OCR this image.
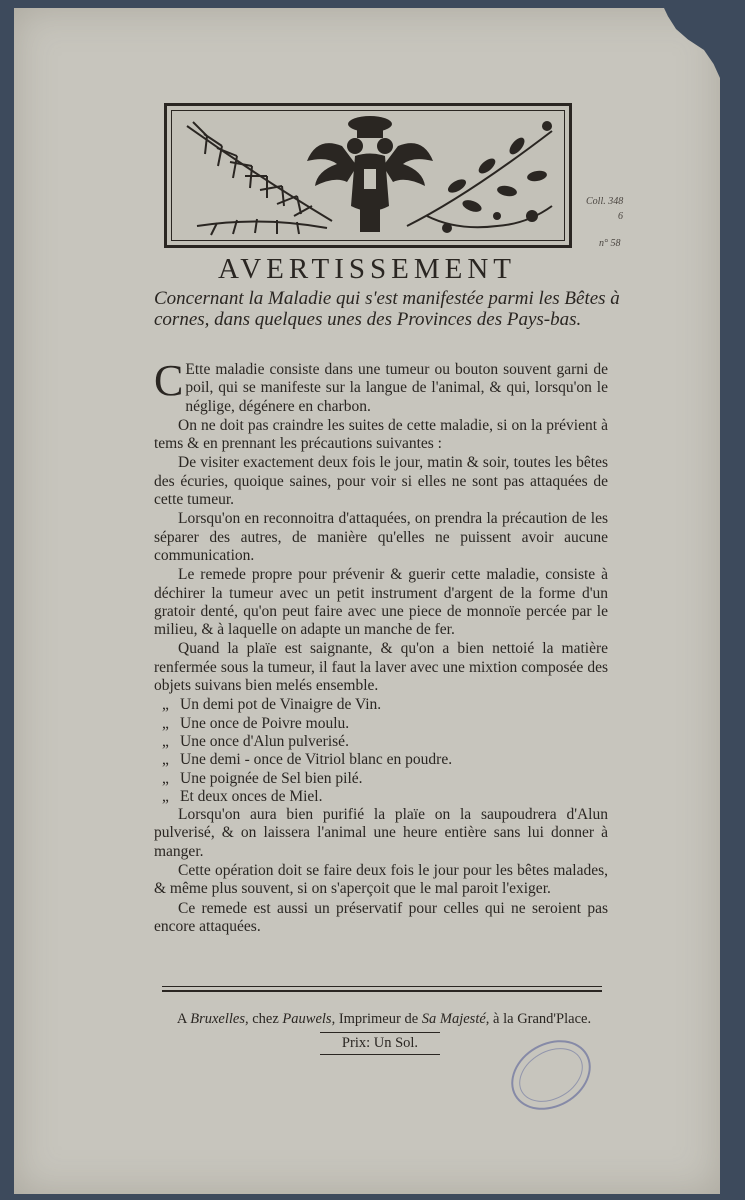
Coll. 348
6
n° 58
AVERTISSEMENT
Concernant la Maladie qui s'est manifestée parmi les Bêtes à cornes, dans quelques unes des Provinces des Pays-bas.

C Ette maladie consiste dans une tumeur ou bouton souvent garni de poil, qui se manifeste sur la langue de l'animal, & qui, lorsqu'on le néglige, dégénere en charbon.

On ne doit pas craindre les suites de cette maladie, si on la prévient à tems & en prennant les précautions suivantes :

De visiter exactement deux fois le jour, matin & soir, toutes les bêtes des écuries, quoique saines, pour voir si elles ne sont pas attaquées de cette tumeur.

Lorsqu'on en reconnoitra d'attaquées, on prendra la précaution de les séparer des autres, de manière qu'elles ne puissent avoir aucune communication.

Le remede propre pour prévenir & guerir cette maladie, consiste à déchirer la tumeur avec un petit instrument d'argent de la forme d'un gratoir denté, qu'on peut faire avec une piece de monnoïe percée par le milieu, & à laquelle on adapte un manche de fer.

Quand la plaïe est saignante, & qu'on a bien nettoié la matière renfermée sous la tumeur, il faut la laver avec une mixtion composée des objets suivans bien melés ensemble.

„ Un demi pot de Vinaigre de Vin.
„ Une once de Poivre moulu.
„ Une once d'Alun pulverisé.
„ Une demi - once de Vitriol blanc en poudre.
„ Une poignée de Sel bien pilé.
„ Et deux onces de Miel.

Lorsqu'on aura bien purifié la plaïe on la saupoudrera d'Alun pulverisé, & on laissera l'animal une heure entière sans lui donner à manger.

Cette opération doit se faire deux fois le jour pour les bêtes malades, & même plus souvent, si on s'aperçoit que le mal paroit l'exiger.

Ce remede est aussi un préservatif pour celles qui ne seroient pas encore attaquées.

A Bruxelles, chez Pauwels, Imprimeur de Sa Majesté, à la Grand'Place.
Prix: Un Sol.
